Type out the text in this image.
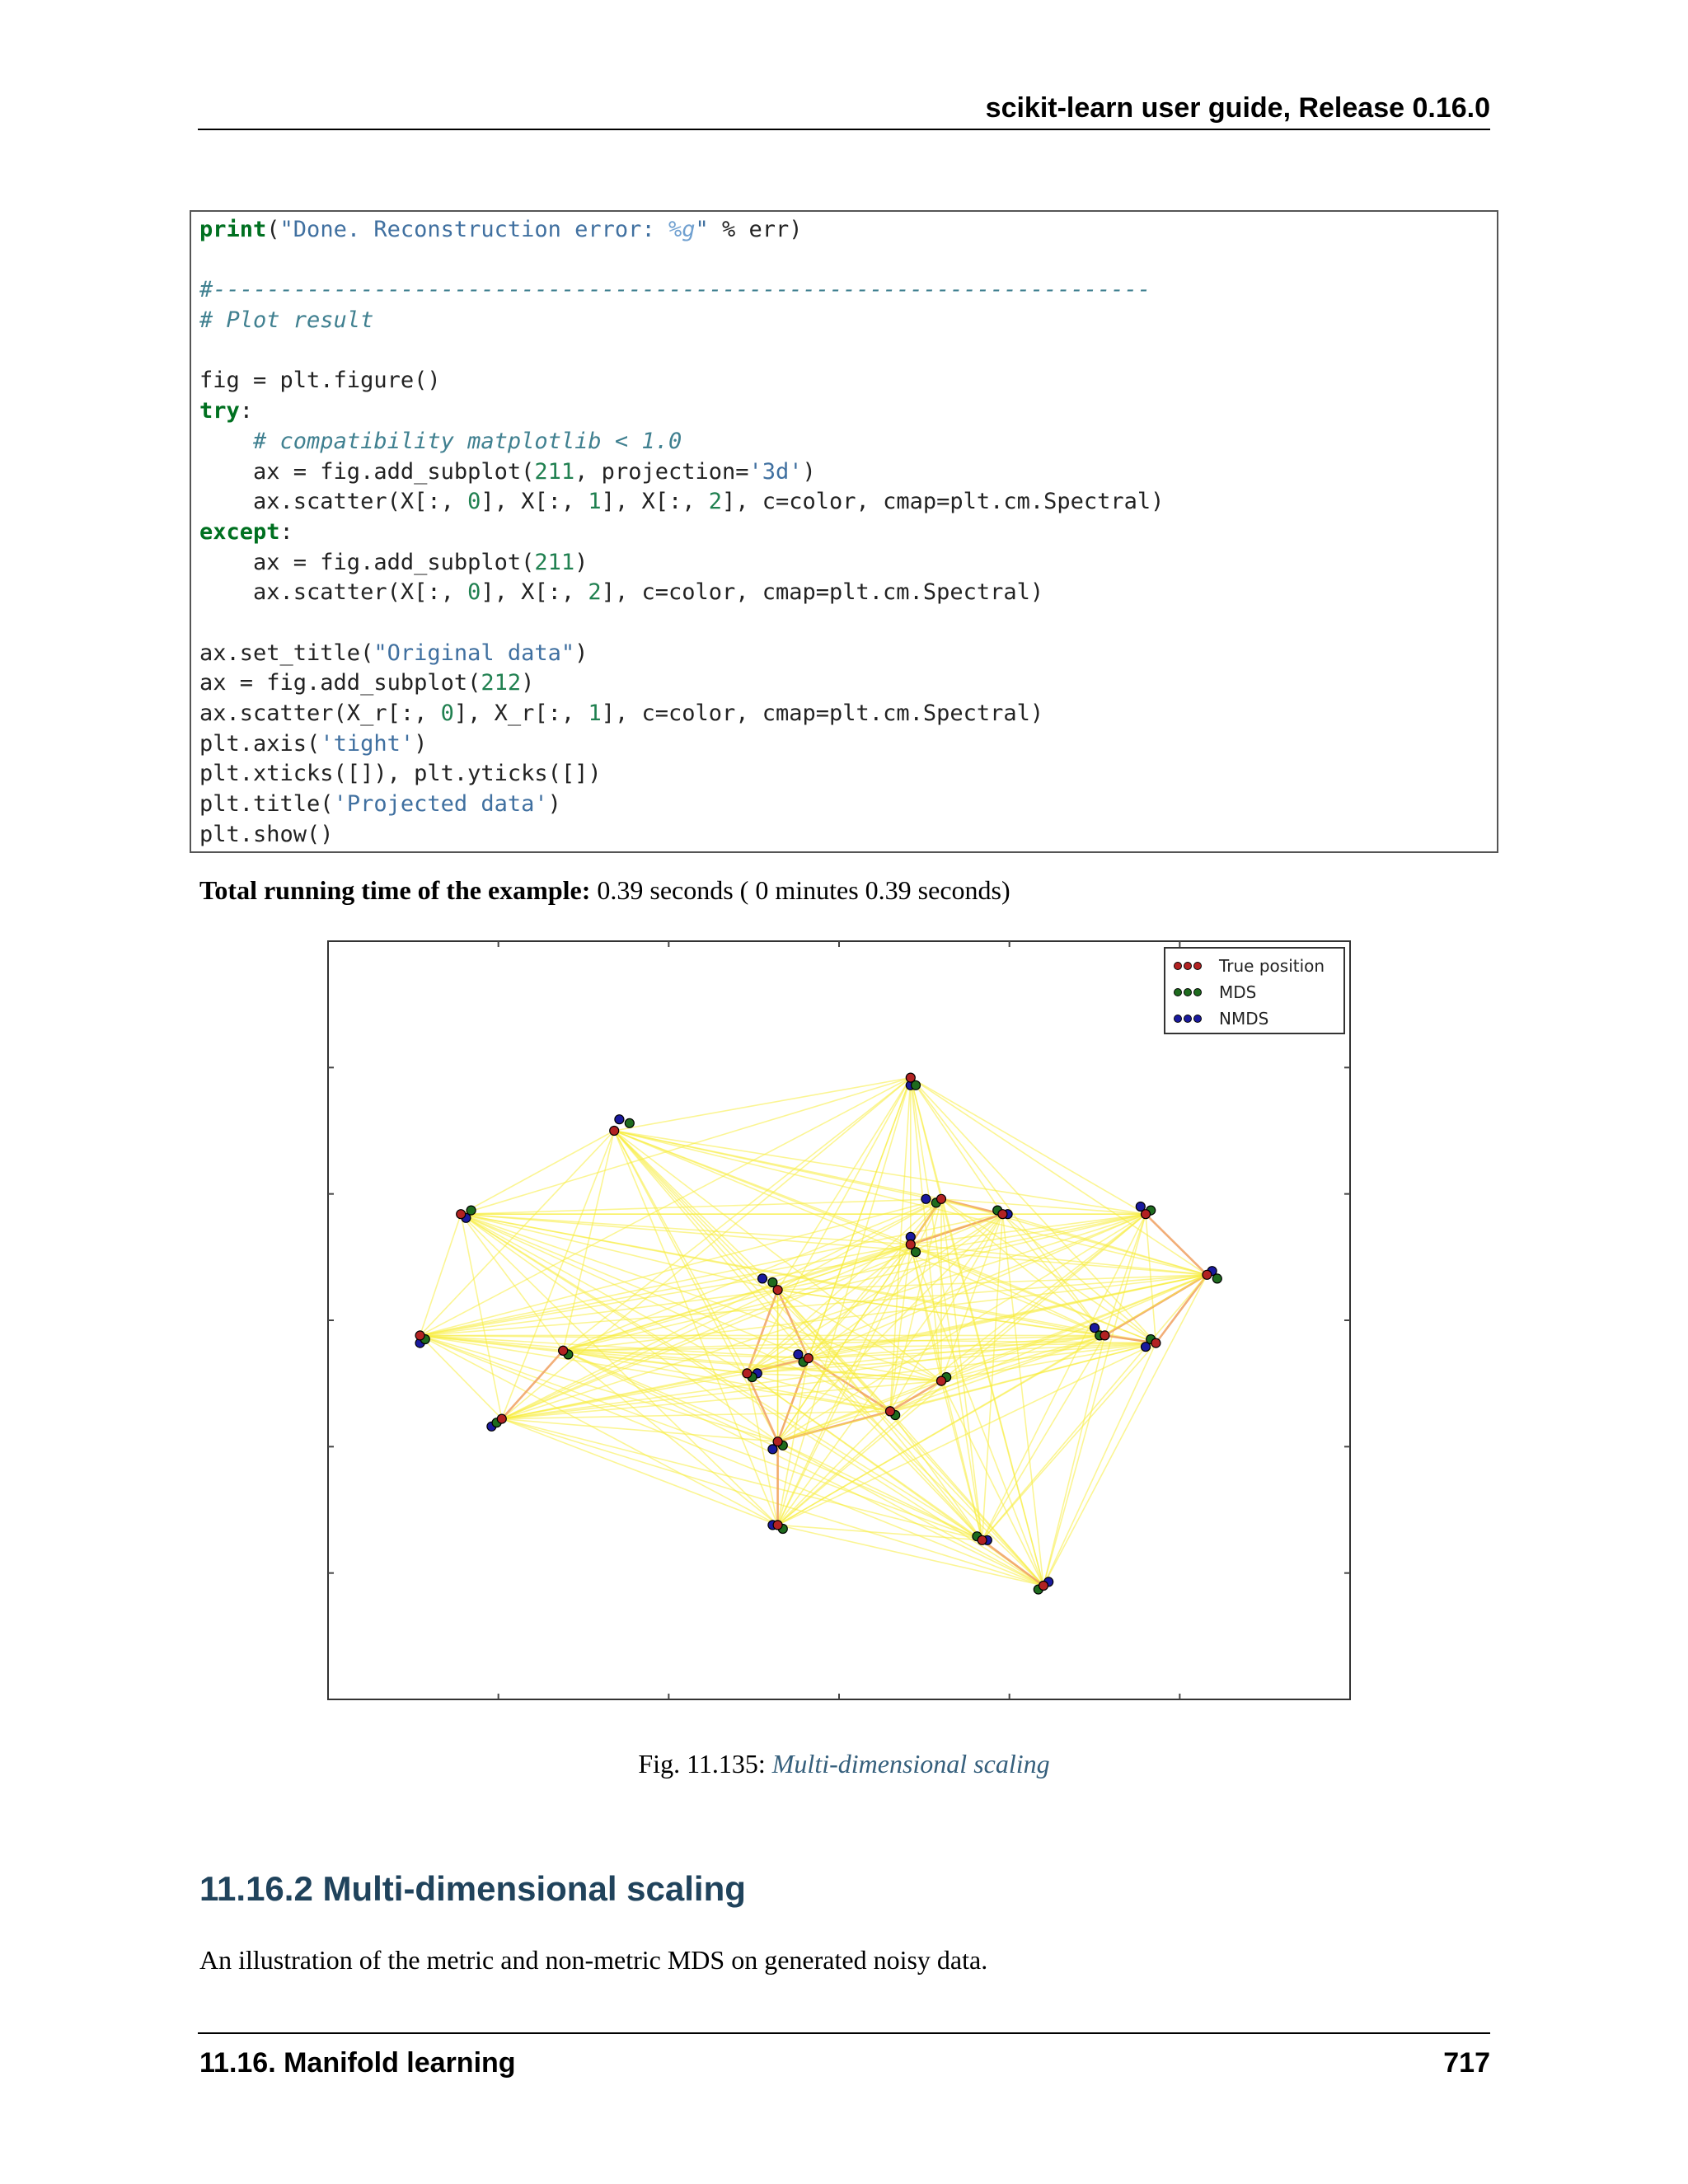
scikit-learn user guide, Release 0.16.0
print("Done. Reconstruction error: %g" % err)

#----------------------------------------------------------------------
# Plot result

fig = plt.figure()
try:
# compatibility matplotlib < 1.0
ax = fig.add_subplot(211, projection='3d')
ax.scatter(X[:, 0], X[:, 1], X[:, 2], c=color, cmap=plt.cm.Spectral)
except:
ax = fig.add_subplot(211)
ax.scatter(X[:, 0], X[:, 2], c=color, cmap=plt.cm.Spectral)

ax.set_title("Original data")
ax = fig.add_subplot(212)
ax.scatter(X_r[:, 0], X_r[:, 1], c=color, cmap=plt.cm.Spectral)
plt.axis('tight')
plt.xticks([]), plt.yticks([])
plt.title('Projected data')
plt.show()

Total running time of the example: 0.39 seconds ( 0 minutes 0.39 seconds)

True position
MDS
NMDS

Fig. 11.135: Multi-dimensional scaling

11.16.2 Multi-dimensional scaling

An illustration of the metric and non-metric MDS on generated noisy data.

11.16. Manifold learning	717
